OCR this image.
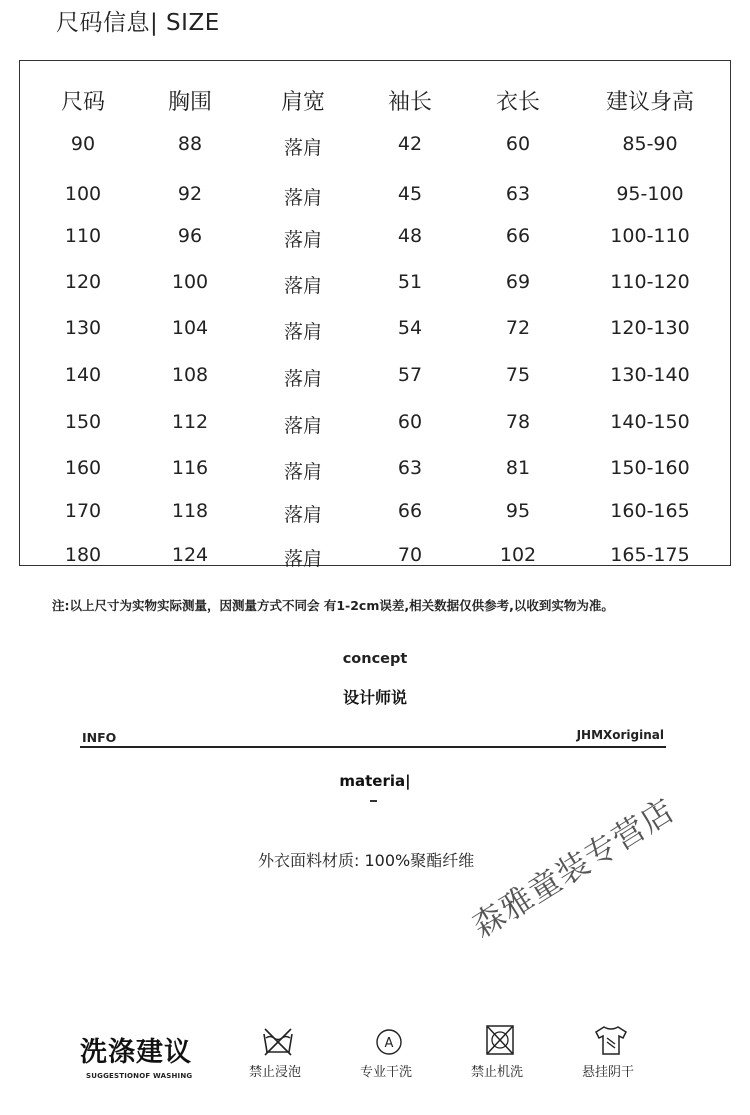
尺码信息| SIZE
尺码	胸围	肩宽	袖长	衣长	建议身高
90	88	落肩	42	60	85-90
100	92	落肩	45	63	95-100
110	96	落肩	48	66	100-110
120	100	落肩	51	69	110-120
130	104	落肩	54	72	120-130
140	108	落肩	57	75	130-140
150	112	落肩	60	78	140-150
160	116	落肩	63	81	150-160
170	118	落肩	66	95	160-165
180	124	落肩	70	102	165-175
注:以上尺寸为实物实际测量，因测量方式不同会 有1-2cm误差,相关数据仅供参考,以收到实物为准。
concept
设计师说
INFO	JHMXoriginal
materia|
外衣面料材质: 100%聚酯纤维
森雅童装专营店
洗涤建议
SUGGESTIONOF WASHING	禁止浸泡
A
专业干洗	禁止机洗	悬挂阴干
